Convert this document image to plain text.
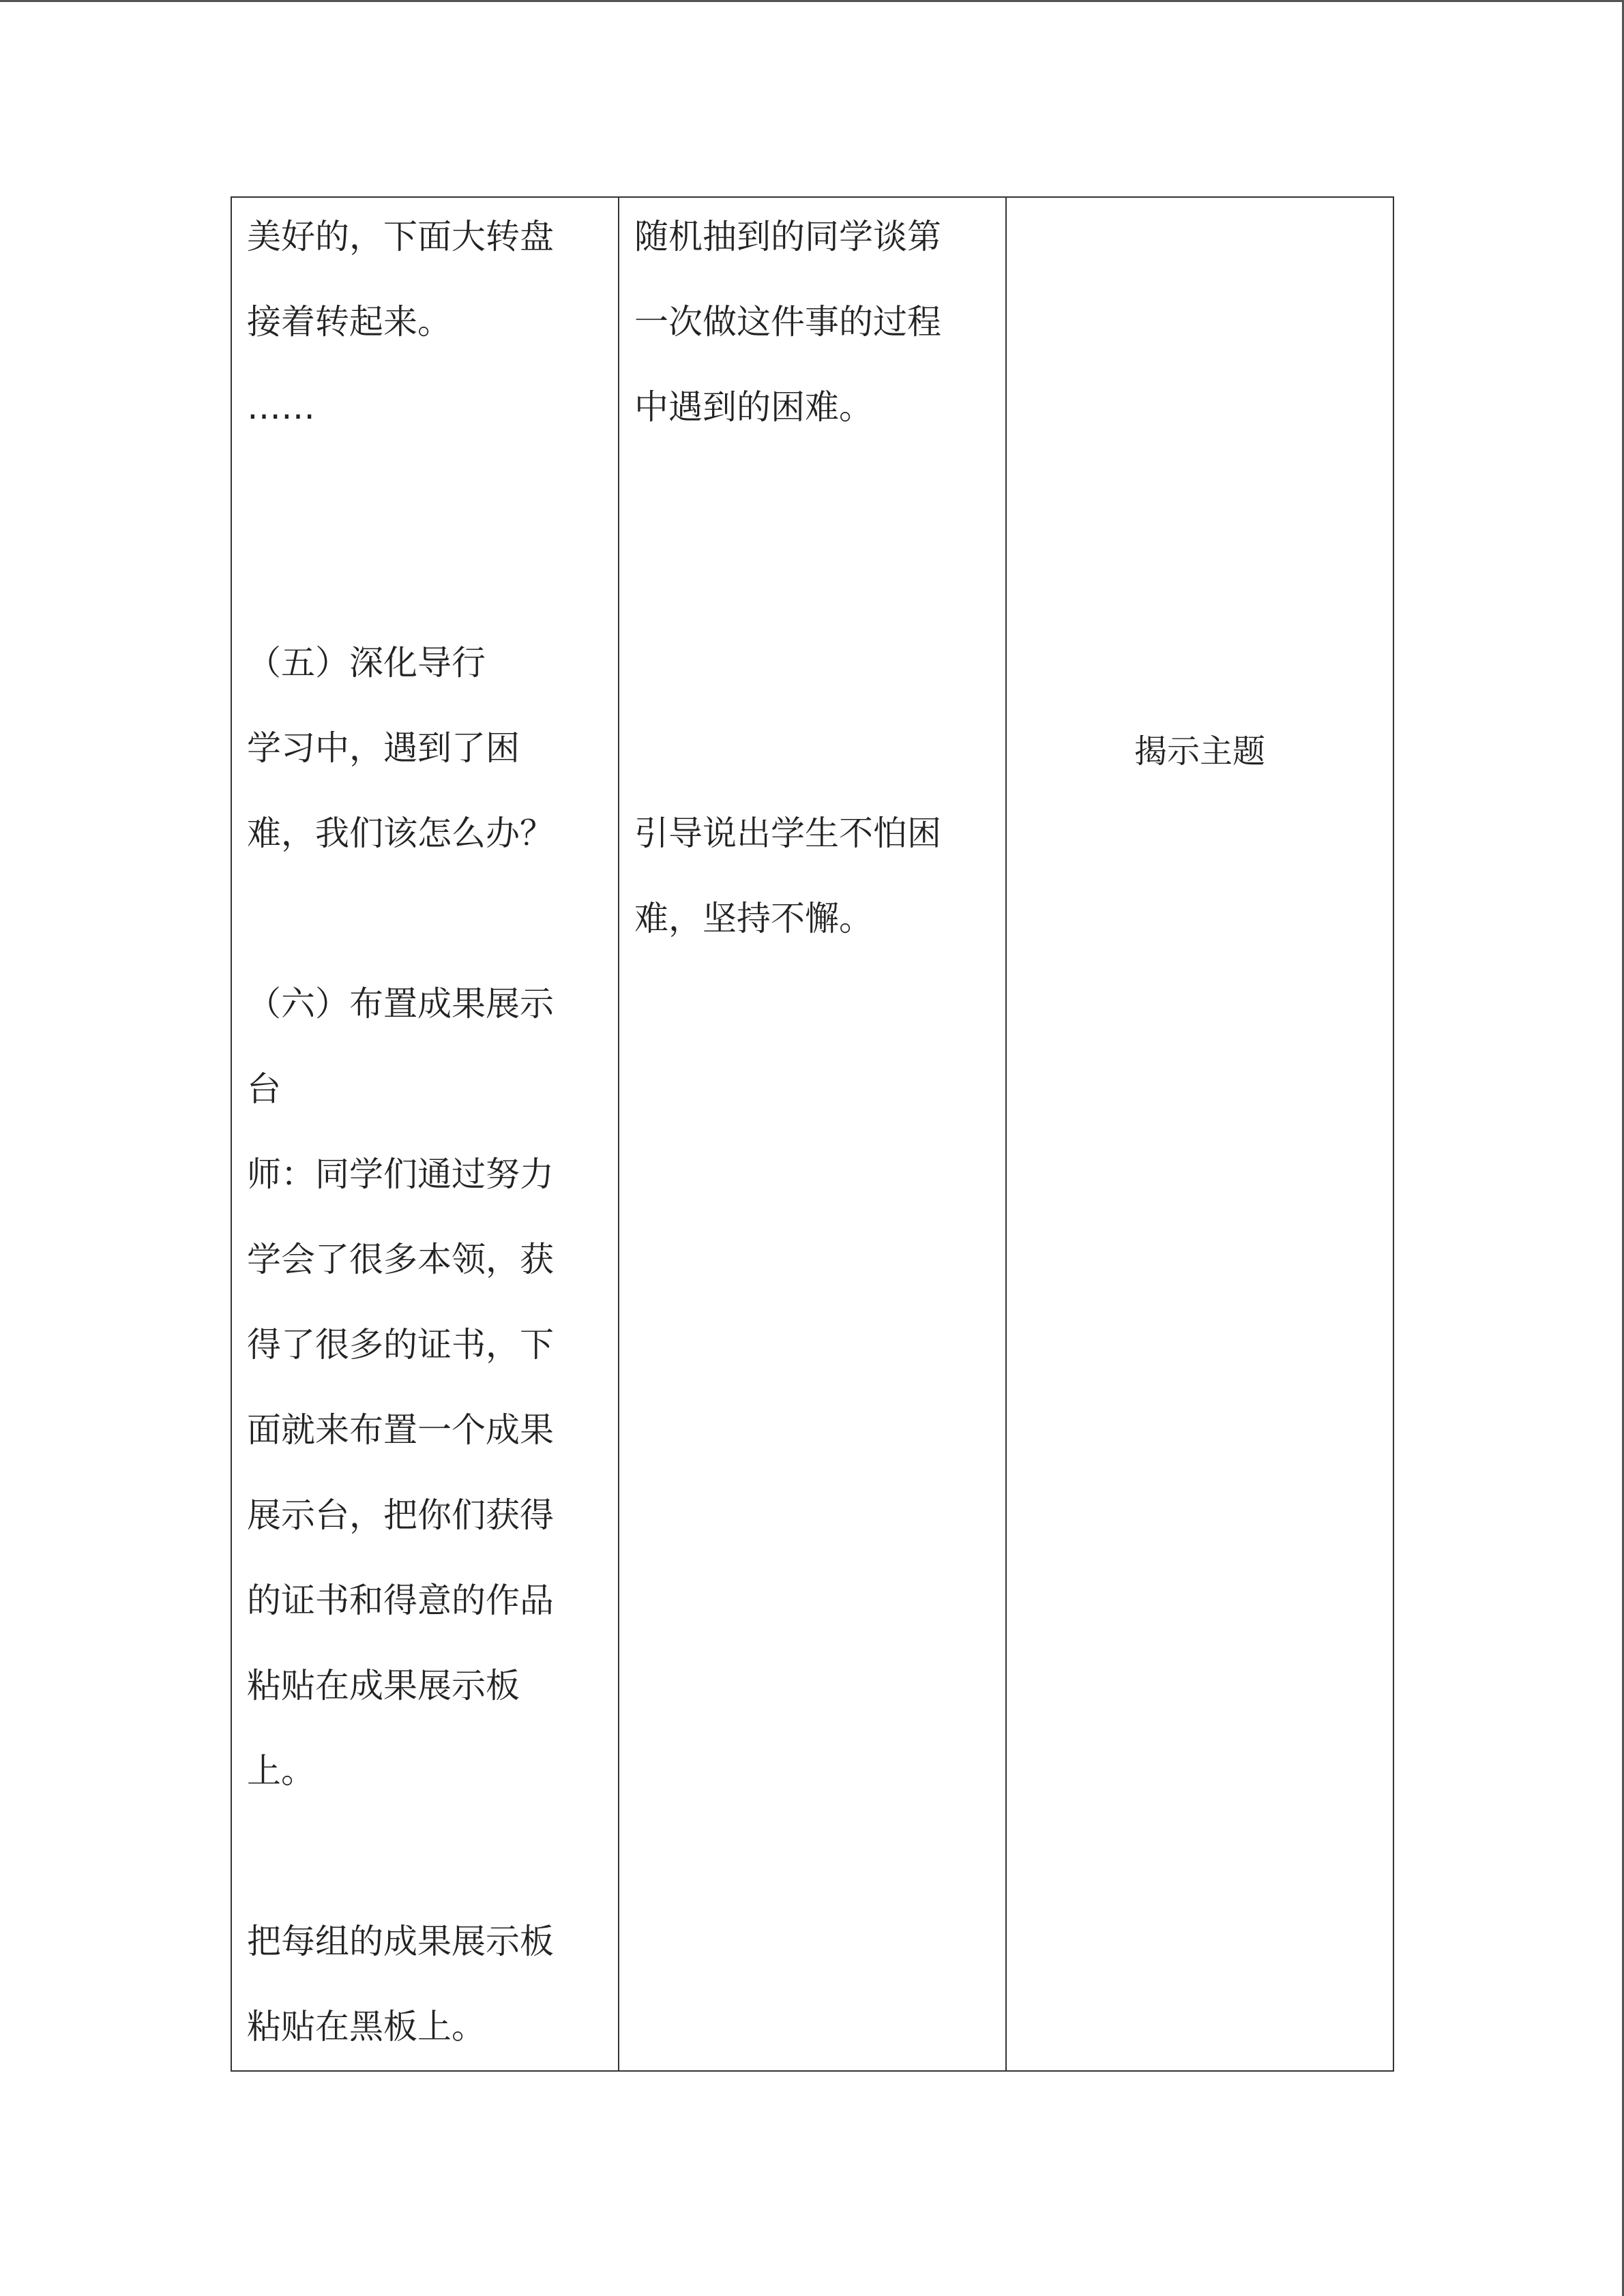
美好的，下面大转盘
接着转起来。
……
（五）深化导行
学习中，遇到了困
难，我们该怎么办？
（六）布置成果展示
台
师：同学们通过努力
学会了很多本领，获
得了很多的证书，下
面就来布置一个成果
展示台，把你们获得
的证书和得意的作品
粘贴在成果展示板
上。
把每组的成果展示板
粘贴在黑板上。

随机抽到的同学谈第
一次做这件事的过程
中遇到的困难。
引导说出学生不怕困
难，坚持不懈。

揭示主题
